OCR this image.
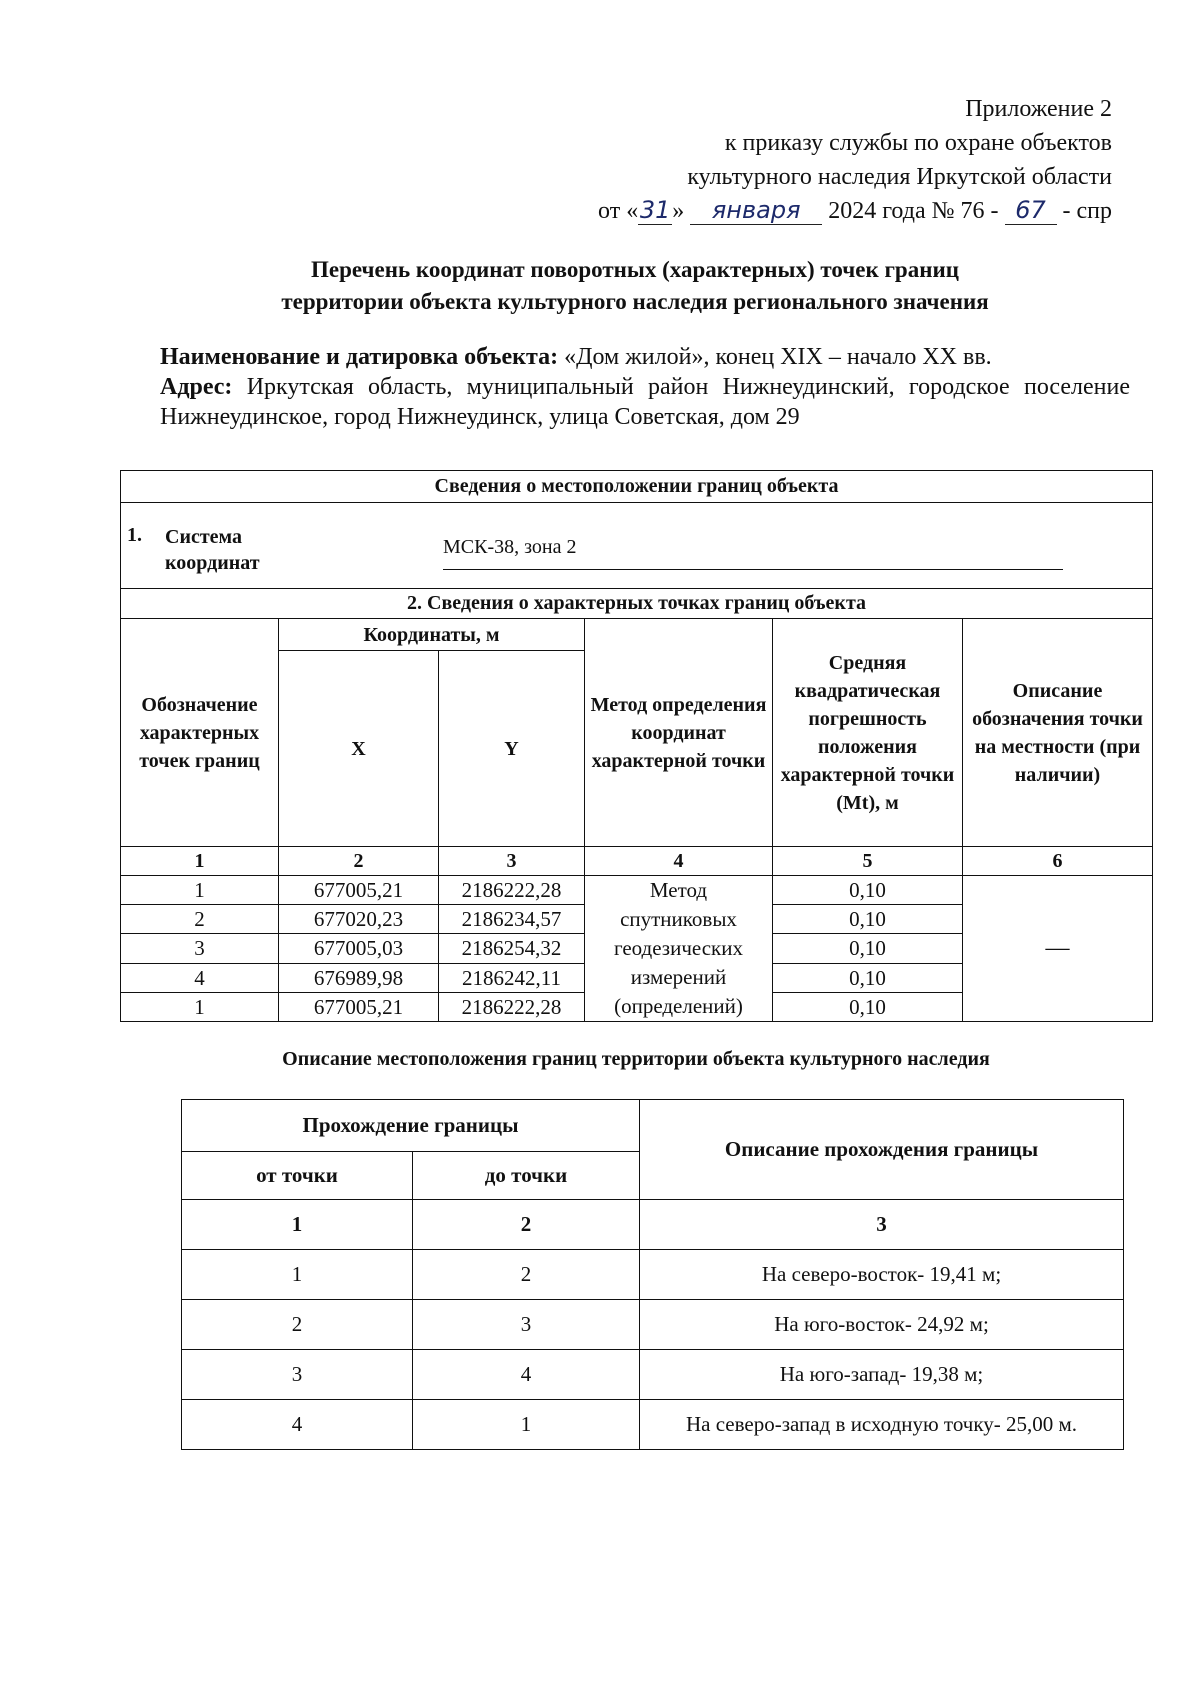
Приложение 2
к приказу службы по охране объектов
культурного наследия Иркутской области
от «31» января 2024 года № 76 - 67 - спр
Перечень координат поворотных (характерных) точек границ
территории объекта культурного наследия регионального значения
Наименование и датировка объекта: «Дом жилой», конец XIX – начало XX вв.
Адрес: Иркутская область, муниципальный район Нижнеудинский, городское поселение Нижнеудинское, город Нижнеудинск, улица Советская, дом 29
Сведения о местоположении границ объекта					

1. Система координат
МСК-38, зона 2					

2. Сведения о характерных точках границ объекта					
Обозначение характерных точек границ	Координаты, м		Метод определения координат характерной точки	Средняя квадратическая погрешность положения характерной точки (Mt), м	Описание обозначения точки на местности (при наличии)
	X	Y			
1	2	3	4	5	6
1	677005,21	2186222,28	Метод спутниковых геодезических измерений (определений)	0,10	—
2	677020,23	2186234,57		0,10	
3	677005,03	2186254,32		0,10	
4	676989,98	2186242,11		0,10	
1	677005,21	2186222,28		0,10	
Описание местоположения границ территории объекта культурного наследия
Прохождение границы		Описание прохождения границы
от точки	до точки	
1	2	3
1	2	На северо-восток- 19,41 м;
2	3	На юго-восток- 24,92 м;
3	4	На юго-запад- 19,38 м;
4	1	На северо-запад в исходную точку- 25,00 м.
